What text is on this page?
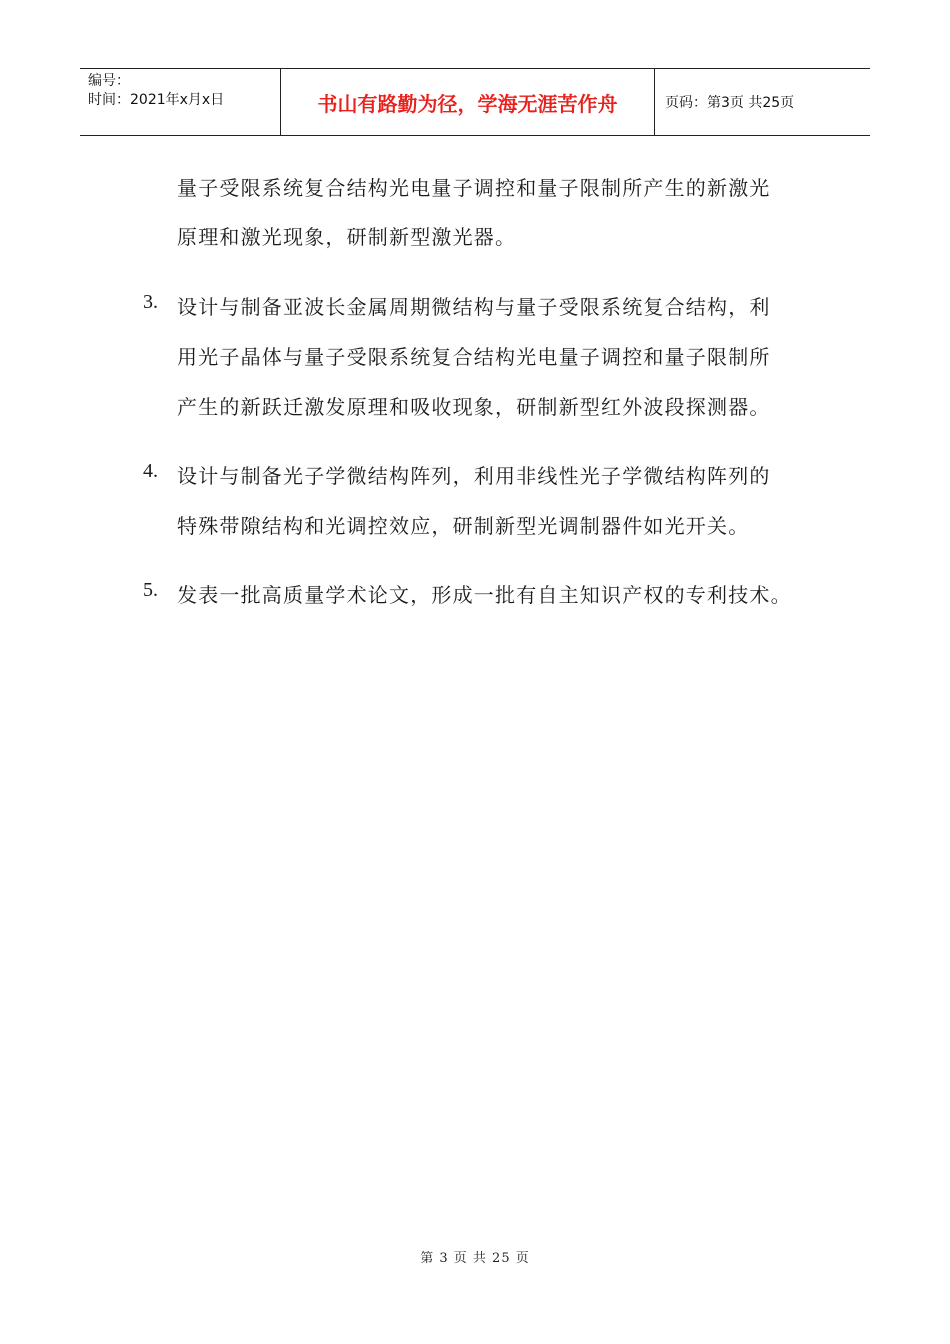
编号：
时间：2021年x月x日	书山有路勤为径，学海无涯苦作舟	页码：第3页 共25页
量子受限系统复合结构光电量子调控和量子限制所产生的新激光
原理和激光现象，研制新型激光器。
3. 设计与制备亚波长金属周期微结构与量子受限系统复合结构，利
用光子晶体与量子受限系统复合结构光电量子调控和量子限制所
产生的新跃迁激发原理和吸收现象，研制新型红外波段探测器。
4. 设计与制备光子学微结构阵列，利用非线性光子学微结构阵列的
特殊带隙结构和光调控效应，研制新型光调制器件如光开关。
5. 发表一批高质量学术论文，形成一批有自主知识产权的专利技术。
第 3 页 共 25 页
